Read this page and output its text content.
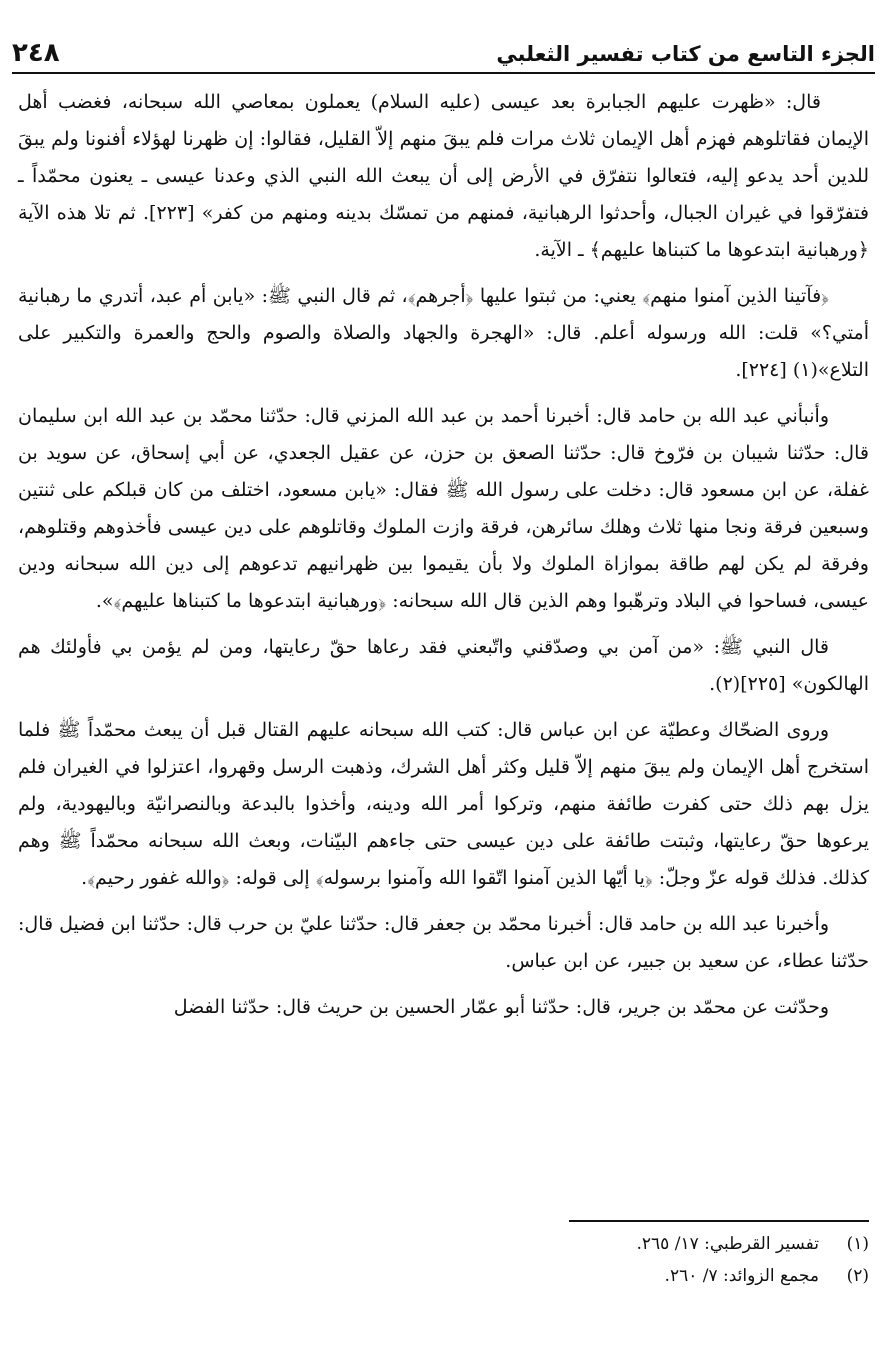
الجزء التاسع من كتاب تفسير الثعلبي
٢٤٨

قال: «ظهرت عليهم الجبابرة بعد عيسى (عليه السلام) يعملون بمعاصي الله سبحانه، فغضب أهل الإيمان فقاتلوهم فهزم أهل الإيمان ثلاث مرات فلم يبقَ منهم إلاّ القليل، فقالوا: إن ظهرنا لهؤلاء أفنونا ولم يبقَ للدين أحد يدعو إليه، فتعالوا نتفرّق في الأرض إلى أن يبعث الله النبي الذي وعدنا عيسى ـ يعنون محمّداً ـ فتفرّقوا في غيران الجبال، وأحدثوا الرهبانية، فمنهم من تمسّك بدينه ومنهم من كفر» [٢٢٣]. ثم تلا هذه الآية ﴿ورهبانية ابتدعوها ما كتبناها عليهم﴾ ـ الآية.

﴿فآتينا الذين آمنوا منهم﴾ يعني: من ثبتوا عليها ﴿أجرهم﴾، ثم قال النبي ﷺ: «يابن أم عبد، أتدري ما رهبانية أمتي؟» قلت: الله ورسوله أعلم. قال: «الهجرة والجهاد والصلاة والصوم والحج والعمرة والتكبير على التلاع»(١) [٢٢٤].

وأنبأني عبد الله بن حامد قال: أخبرنا أحمد بن عبد الله المزني قال: حدّثنا محمّد بن عبد الله ابن سليمان قال: حدّثنا شيبان بن فرّوخ قال: حدّثنا الصعق بن حزن، عن عقيل الجعدي، عن أبي إسحاق، عن سويد بن غفلة، عن ابن مسعود قال: دخلت على رسول الله ﷺ فقال: «يابن مسعود، اختلف من كان قبلكم على ثنتين وسبعين فرقة ونجا منها ثلاث وهلك سائرهن، فرقة وازت الملوك وقاتلوهم على دين عيسى فأخذوهم وقتلوهم، وفرقة لم يكن لهم طاقة بموازاة الملوك ولا بأن يقيموا بين ظهرانيهم تدعوهم إلى دين الله سبحانه ودين عيسى، فساحوا في البلاد وترهّبوا وهم الذين قال الله سبحانه: ﴿ورهبانية ابتدعوها ما كتبناها عليهم﴾».

قال النبي ﷺ: «من آمن بي وصدّقني واتّبعني فقد رعاها حقّ رعايتها، ومن لم يؤمن بي فأولئك هم الهالكون» [٢٢٥](٢).

وروى الضحّاك وعطيّة عن ابن عباس قال: كتب الله سبحانه عليهم القتال قبل أن يبعث محمّداً ﷺ فلما استخرج أهل الإيمان ولم يبقَ منهم إلاّ قليل وكثر أهل الشرك، وذهبت الرسل وقهروا، اعتزلوا في الغيران فلم يزل بهم ذلك حتى كفرت طائفة منهم، وتركوا أمر الله ودينه، وأخذوا بالبدعة وبالنصرانيّة وباليهودية، ولم يرعوها حقّ رعايتها، وثبتت طائفة على دين عيسى حتى جاءهم البيّنات، وبعث الله سبحانه محمّداً ﷺ وهم كذلك. فذلك قوله عزّ وجلّ: ﴿يا أيّها الذين آمنوا اتّقوا الله وآمنوا برسوله﴾ إلى قوله: ﴿والله غفور رحيم﴾.

وأخبرنا عبد الله بن حامد قال: أخبرنا محمّد بن جعفر قال: حدّثنا عليّ بن حرب قال: حدّثنا ابن فضيل قال: حدّثنا عطاء، عن سعيد بن جبير، عن ابن عباس.

وحدّثت عن محمّد بن جرير، قال: حدّثنا أبو عمّار الحسين بن حريث قال: حدّثنا الفضل

(١)
تفسير القرطبي: ١٧/ ٢٦٥.
(٢)
مجمع الزوائد: ٧/ ٢٦٠.
